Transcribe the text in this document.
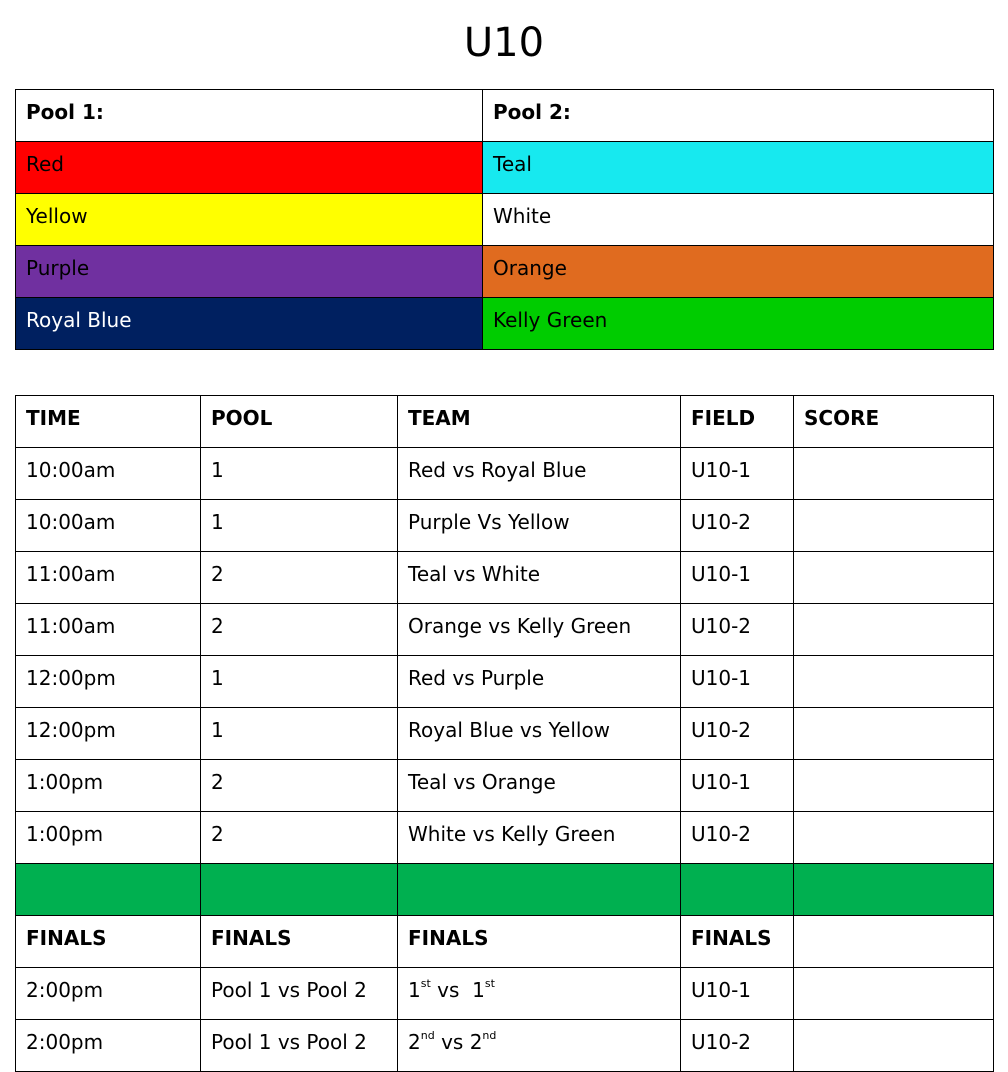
U10
Pool 1:	Pool 2:
Red	Teal
Yellow	White
Purple	Orange
Royal Blue	Kelly Green
TIME	POOL	TEAM	FIELD	SCORE
10:00am	1	Red vs Royal Blue	U10-1	
10:00am	1	Purple Vs Yellow	U10-2	
11:00am	2	Teal vs White	U10-1	
11:00am	2	Orange vs Kelly Green	U10-2	
12:00pm	1	Red vs Purple	U10-1	
12:00pm	1	Royal Blue vs Yellow	U10-2	
1:00pm	2	Teal vs Orange	U10-1	
1:00pm	2	White vs Kelly Green	U10-2	

FINALS	FINALS	FINALS	FINALS	
2:00pm	Pool 1 vs Pool 2	1st vs 1st	U10-1	
2:00pm	Pool 1 vs Pool 2	2nd vs 2nd	U10-2	
